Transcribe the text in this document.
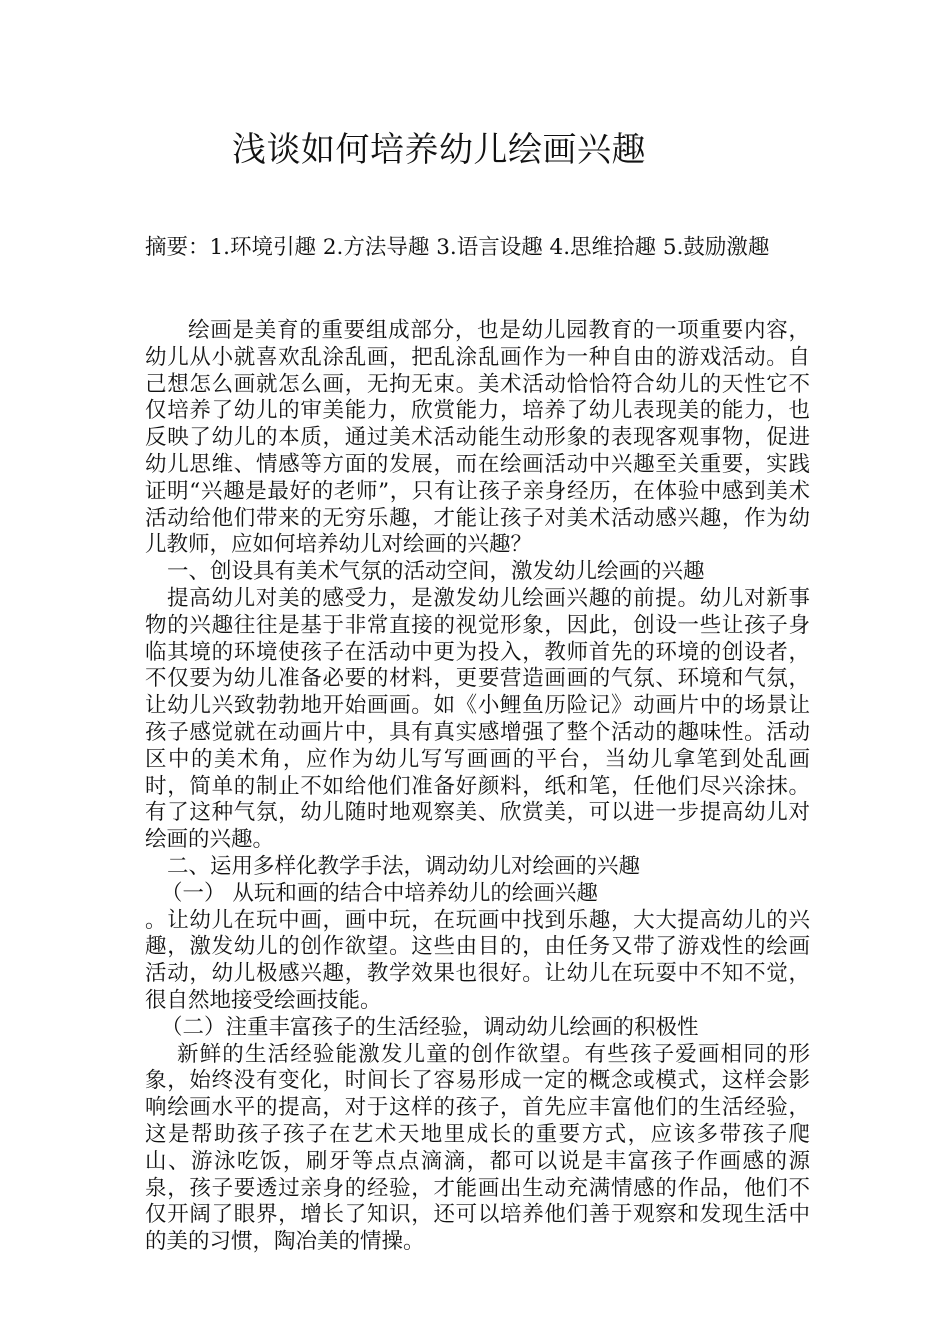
浅谈如何培养幼儿绘画兴趣
摘要：1.环境引趣 2.方法导趣 3.语言设趣 4.思维拾趣 5.鼓励激趣

绘画是美育的重要组成部分，也是幼儿园教育的一项重要内容，幼儿从小就喜欢乱涂乱画，把乱涂乱画作为一种自由的游戏活动。自己想怎么画就怎么画，无拘无束。美术活动恰恰符合幼儿的天性它不仅培养了幼儿的审美能力，欣赏能力，培养了幼儿表现美的能力，也反映了幼儿的本质，通过美术活动能生动形象的表现客观事物，促进幼儿思维、情感等方面的发展，而在绘画活动中兴趣至关重要，实践证明“兴趣是最好的老师”，只有让孩子亲身经历，在体验中感到美术活动给他们带来的无穷乐趣，才能让孩子对美术活动感兴趣，作为幼儿教师，应如何培养幼儿对绘画的兴趣？

一、创设具有美术气氛的活动空间，激发幼儿绘画的兴趣

提高幼儿对美的感受力，是激发幼儿绘画兴趣的前提。幼儿对新事物的兴趣往往是基于非常直接的视觉形象，因此，创设一些让孩子身临其境的环境使孩子在活动中更为投入，教师首先的环境的创设者，不仅要为幼儿准备必要的材料，更要营造画画的气氛、环境和气氛，让幼儿兴致勃勃地开始画画。如《小鲤鱼历险记》动画片中的场景让孩子感觉就在动画片中，具有真实感增强了整个活动的趣味性。活动区中的美术角，应作为幼儿写写画画的平台，当幼儿拿笔到处乱画时，简单的制止不如给他们准备好颜料，纸和笔，任他们尽兴涂抹。有了这种气氛，幼儿随时地观察美、欣赏美，可以进一步提高幼儿对绘画的兴趣。

二、运用多样化教学手法，调动幼儿对绘画的兴趣

（一） 从玩和画的结合中培养幼儿的绘画兴趣

。让幼儿在玩中画，画中玩，在玩画中找到乐趣，大大提高幼儿的兴趣，激发幼儿的创作欲望。这些由目的，由任务又带了游戏性的绘画活动，幼儿极感兴趣，教学效果也很好。让幼儿在玩耍中不知不觉，很自然地接受绘画技能。

（二）注重丰富孩子的生活经验，调动幼儿绘画的积极性

新鲜的生活经验能激发儿童的创作欲望。有些孩子爱画相同的形象，始终没有变化，时间长了容易形成一定的概念或模式，这样会影响绘画水平的提高，对于这样的孩子，首先应丰富他们的生活经验，这是帮助孩子孩子在艺术天地里成长的重要方式，应该多带孩子爬山、游泳吃饭，刷牙等点点滴滴，都可以说是丰富孩子作画感的源泉，孩子要透过亲身的经验，才能画出生动充满情感的作品，他们不仅开阔了眼界，增长了知识，还可以培养他们善于观察和发现生活中的美的习惯，陶冶美的情操。
